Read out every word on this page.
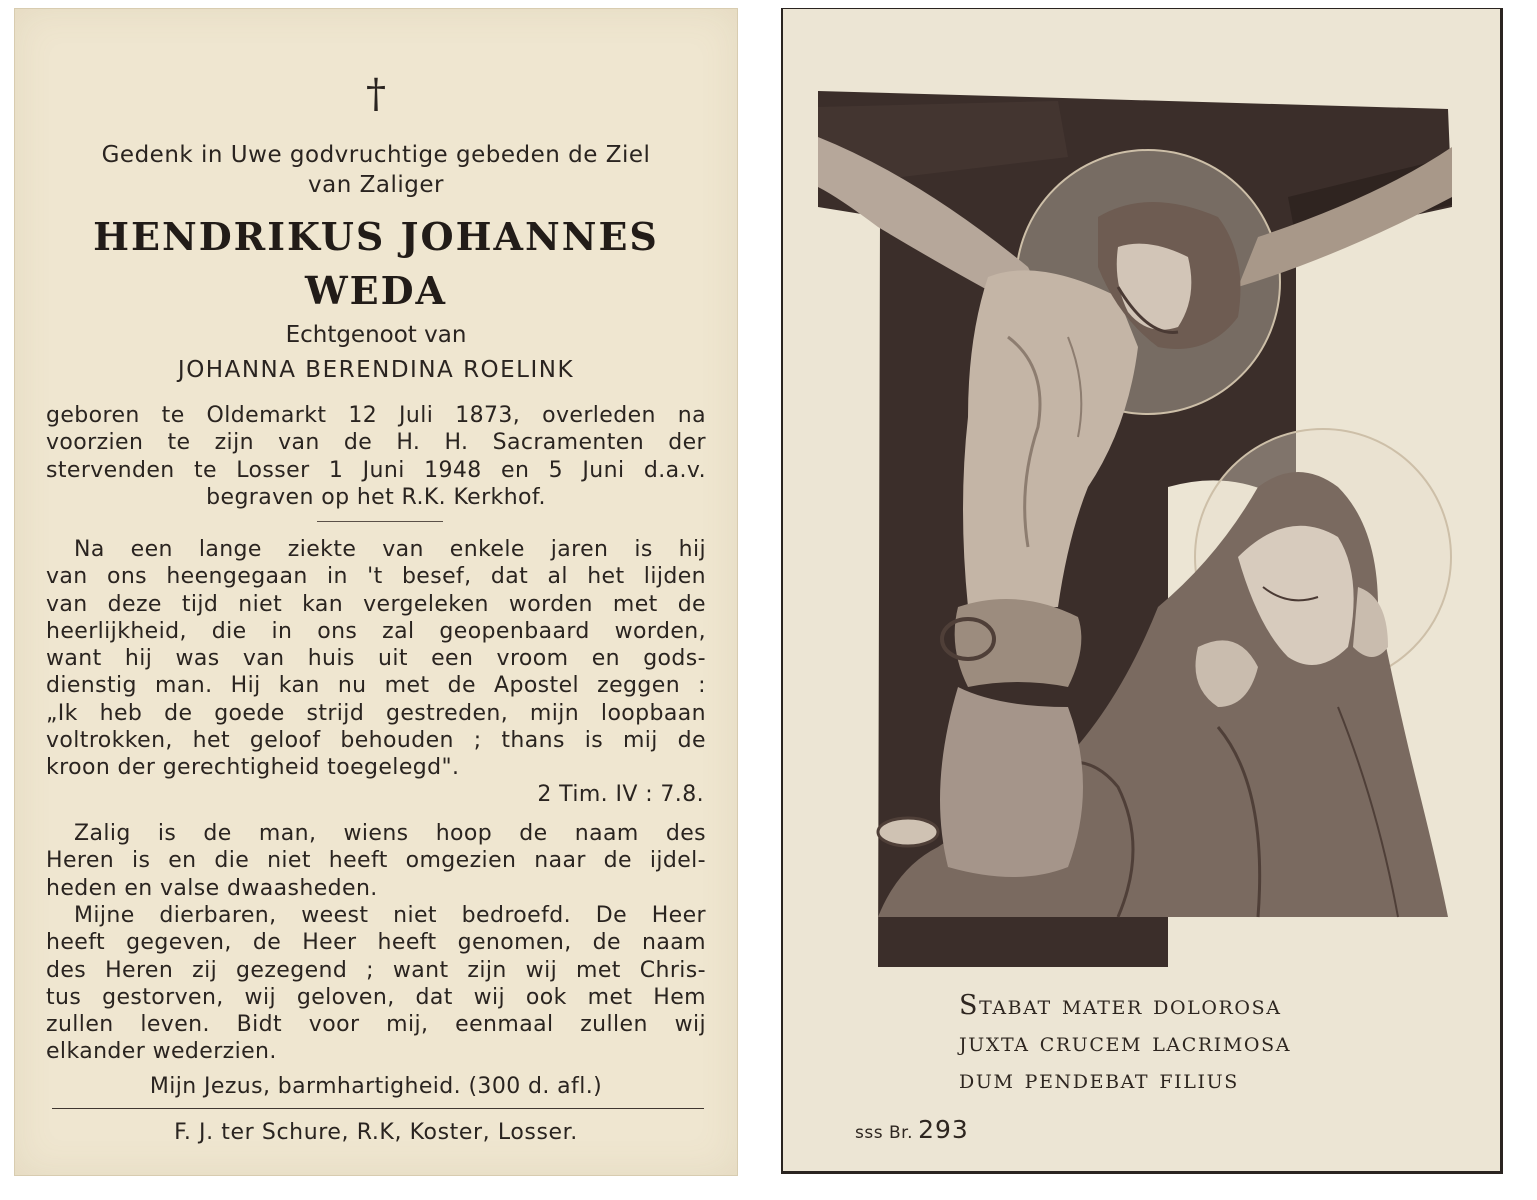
†
Gedenk in Uwe godvruchtige gebeden de Ziel
van Zaliger
HENDRIKUS JOHANNES
WEDA
Echtgenoot van
JOHANNA BERENDINA ROELINK
geboren te Oldemarkt 12 Juli 1873, overleden na
voorzien te zijn van de H. H. Sacramenten der
stervenden te Losser 1 Juni 1948 en 5 Juni d.a.v.
begraven op het R.K. Kerkhof.
Na een lange ziekte van enkele jaren is hij
van ons heengegaan in 't besef, dat al het lijden
van deze tijd niet kan vergeleken worden met de
heerlijkheid, die in ons zal geopenbaard worden,
want hij was van huis uit een vroom en gods-
dienstig man. Hij kan nu met de Apostel zeggen :
„Ik heb de goede strijd gestreden, mijn loopbaan
voltrokken, het geloof behouden ; thans is mij de
kroon der gerechtigheid toegelegd".
2 Tim. IV : 7.8.
Zalig is de man, wiens hoop de naam des
Heren is en die niet heeft omgezien naar de ijdel-
heden en valse dwaasheden.
Mijne dierbaren, weest niet bedroefd. De Heer
heeft gegeven, de Heer heeft genomen, de naam
des Heren zij gezegend ; want zijn wij met Chris-
tus gestorven, wij geloven, dat wij ook met Hem
zullen leven. Bidt voor mij, eenmaal zullen wij
elkander wederzien.
Mijn Jezus, barmhartigheid. (300 d. afl.)
F. J. ter Schure, R.K, Koster, Losser.
Stabat mater dolorosa
juxta crucem lacrimosa
dum pendebat filius
sss Br. 293
